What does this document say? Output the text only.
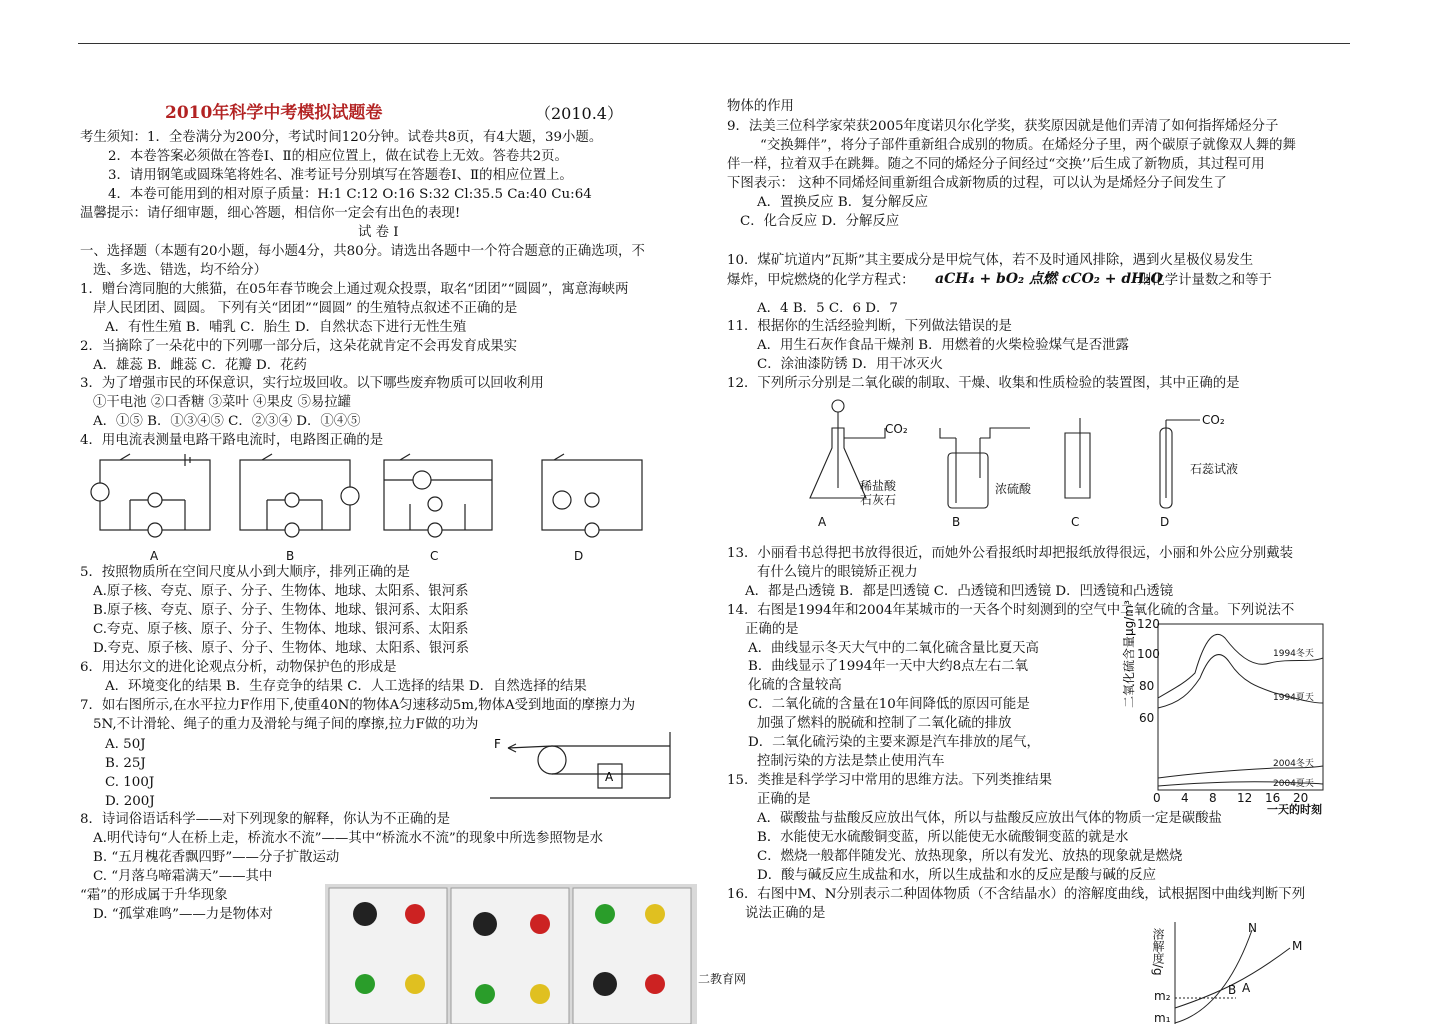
2010年科学中考模拟试题卷	（2010.4）
考生须知：1．全卷满分为200分，考试时间120分钟。试卷共8页，有4大题，39小题。
2．本卷答案必须做在答卷Ⅰ、Ⅱ的相应位置上，做在试卷上无效。答卷共2页。
3．请用钢笔或圆珠笔将姓名、准考证号分别填写在答题卷Ⅰ、Ⅱ的相应位置上。
4．本卷可能用到的相对原子质量：H:1 C:12 O:16 S:32 Cl:35.5 Ca:40 Cu:64
温馨提示：请仔细审题，细心答题，相信你一定会有出色的表现!
试 卷 Ⅰ
一、选择题（本题有20小题，每小题4分，共80分。请选出各题中一个符合题意的正确选项，不
选、多选、错选，均不给分）
1．赠台湾同胞的大熊猫，在05年春节晚会上通过观众投票，取名“团团”“圆圆”，寓意海峡两
岸人民团团、圆圆。 下列有关“团团”“圆圆” 的生殖特点叙述不正确的是
A．有性生殖 B．哺乳 C．胎生 D．自然状态下进行无性生殖
2．当摘除了一朵花中的下列哪一部分后，这朵花就肯定不会再发育成果实
A．雄蕊 B．雌蕊 C．花瓣 D．花药
3．为了增强市民的环保意识，实行垃圾回收。以下哪些废弃物质可以回收利用
①干电池 ②口香糖 ③菜叶 ④果皮 ⑤易拉罐
A．①⑤ B．①③④⑤ C．②③④ D．①④⑤
4．用电流表测量电路干路电流时，电路图正确的是
A	B	C	D
5．按照物质所在空间尺度从小到大顺序，排列正确的是
A.原子核、夸克、原子、分子、生物体、地球、太阳系、银河系
B.原子核、夸克、原子、分子、生物体、地球、银河系、太阳系
C.夸克、原子核、原子、分子、生物体、地球、银河系、太阳系
D.夸克、原子核、原子、分子、生物体、地球、太阳系、银河系
6．用达尔文的进化论观点分析，动物保护色的形成是
A．环境变化的结果 B．生存竞争的结果 C．人工选择的结果 D．自然选择的结果
7．如右图所示,在水平拉力F作用下,使重40N的物体A匀速移动5m,物体A受到地面的摩擦力为
5N,不计滑轮、绳子的重力及滑轮与绳子间的摩擦,拉力F做的功为
A. 50J
B. 25J
C. 100J
D. 200J
F
A
8．诗词俗语话科学——对下列现象的解释，你认为不正确的是
A.明代诗句“人在桥上走，桥流水不流”——其中“桥流水不流”的现象中所选参照物是水
B. “五月槐花香飘四野”——分子扩散运动
C. “月落乌啼霜满天”——其中
“霜”的形成属于升华现象
D. “孤掌难鸣”——力是物体对
物体的作用
9．法美三位科学家荣获2005年度诺贝尔化学奖，获奖原因就是他们弄清了如何指挥烯烃分子
“交换舞伴”，将分子部件重新组合成别的物质。在烯烃分子里，两个碳原子就像双人舞的舞
伴一样，拉着双手在跳舞。随之不同的烯烃分子间经过“交换’’后生成了新物质，其过程可用
下图表示： 这种不同烯烃间重新组合成新物质的过程，可以认为是烯烃分子间发生了
A．置换反应 B．复分解反应
C．化合反应 D．分解反应
10．煤矿坑道内”瓦斯”其主要成分是甲烷气体，若不及时通风排除，遇到火星极仪易发生
爆炸，甲烷燃烧的化学方程式： aCH₄ + bO₂ 点燃 cCO₂ + dH₂O
则化学计量数之和等于
A．4 B．5 C．6 D．7
11．根据你的生活经验判断，下列做法错误的是
A．用生石灰作食品干燥剂 B．用燃着的火柴检验煤气是否泄露
C．涂油漆防锈 D．用干冰灭火
12．下列所示分别是二氧化碳的制取、干燥、收集和性质检验的装置图，其中正确的是
CO₂
稀盐酸
石灰石
浓硫酸
CO₂
石蕊试液
A	B	C	D
13．小丽看书总得把书放得很近，而她外公看报纸时却把报纸放得很远，小丽和外公应分别戴装
有什么镜片的眼镜矫正视力
A．都是凸透镜 B．都是凹透镜 C．凸透镜和凹透镜 D．凹透镜和凸透镜
14．右图是1994年和2004年某城市的一天各个时刻测到的空气中二氧化硫的含量。下列说法不
正确的是
A．曲线显示冬天大气中的二氧化硫含量比夏天高
B．曲线显示了1994年一天中大约8点左右二氧
化硫的含量较高
C．二氧化硫的含量在10年间降低的原因可能是
加强了燃料的脱硫和控制了二氧化硫的排放
D．二氧化硫污染的主要来源是汽车排放的尾气，
控制污染的方法是禁止使用汽车
15．类推是科学学习中常用的思维方法。下列类推结果
正确的是
A．碳酸盐与盐酸反应放出气体，所以与盐酸反应放出气体的物质一定是碳酸盐
B．水能使无水硫酸铜变蓝，所以能使无水硫酸铜变蓝的就是水
C．燃烧一般都伴随发光、放热现象，所以有发光、放热的现象就是燃烧
D．酸与碱反应生成盐和水，所以生成盐和水的反应是酸与碱的反应
16．右图中M、N分别表示二种固体物质（不含结晶水）的溶解度曲线，试根据图中曲线判断下列
说法正确的是
120
100
80
60
0 4 8 12 16 20
1994冬天
1994夏天
2004冬天
2004夏天
一天的时刻
二氧化硫含量μg/m³
溶解度/g	N
M
B A
m₂
m₁
二教育网
